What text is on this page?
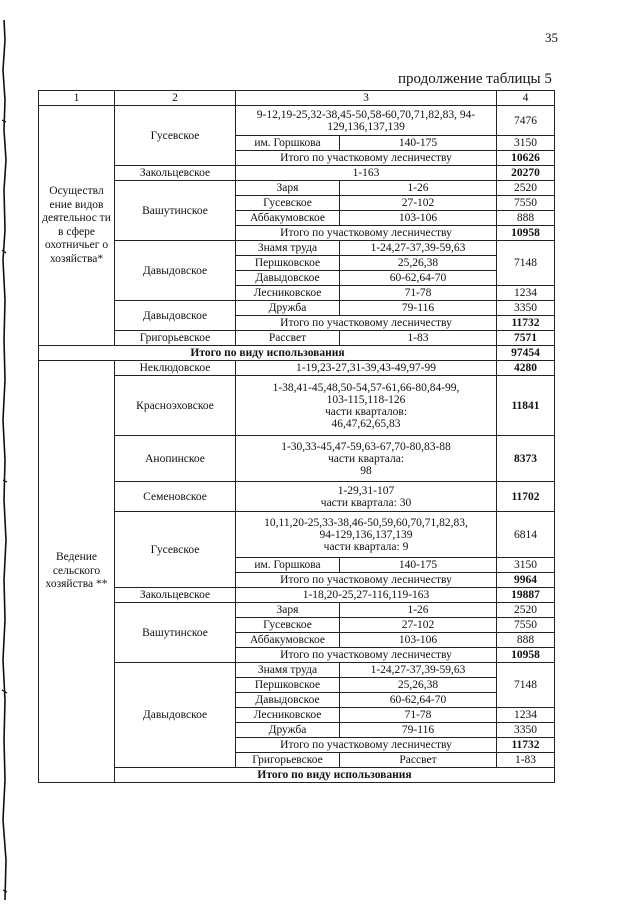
35
продолжение таблицы 5
1	2	3		4	
Осуществл ение видов деятельнос ти в сфере охотничьег о хозяйства*	Гусевское	9-12,19-25,32-38,45-50,58-60,70,71,82,83, 94-129,136,137,139		7476	
		им. Горшкова	140-175	3150	
		Итого по участковому лесничеству		10626	
	Закольцевское	1-163		20270	
	Вашутинское	Заря	1-26	2520	
		Гусевское	27-102	7550	
		Аббакумовское	103-106	888	
		Итого по участковому лесничеству		10958	
	Давыдовское	Знамя труда	1-24,27-37,39-59,63	7148	
		Першковское	25,26,38		
		Давыдовское	60-62,64-70		
		Лесниковское	71-78	1234	
	Давыдовское	Дружба	79-116	3350	
		Итого по участковому лесничеству		11732	
	Григорьевское	Рассвет	1-83	7571	
Итого по виду использования				97454	
Ведение сельского хозяйства **	Неклюдовское	1-19,23-27,31-39,43-49,97-99		4280	
	Красноэховское	1-38,41-45,48,50-54,57-61,66-80,84-99,
103-115,118-126
части кварталов:
46,47,62,65,83		11841	
	Анопинское	1-30,33-45,47-59,63-67,70-80,83-88
части квартала:
98		8373	
	Семеновское	1-29,31-107
части квартала: 30		11702	
	Гусевское	10,11,20-25,33-38,46-50,59,60,70,71,82,83,
94-129,136,137,139
части квартала: 9		6814	
		им. Горшкова	140-175	3150	
		Итого по участковому лесничеству		9964	
	Закольцевское	1-18,20-25,27-116,119-163		19887	
	Вашутинское	Заря	1-26	2520	
		Гусевское	27-102	7550	
		Аббакумовское	103-106	888	
		Итого по участковому лесничеству		10958	
	Давыдовское	Знамя труда	1-24,27-37,39-59,63	7148	
		Першковское	25,26,38		
		Давыдовское	60-62,64-70		
		Лесниковское	71-78	1234	
		Дружба	79-116	3350	
		Итого по участковому лесничеству		11732	
		Григорьевское	Рассвет	1-83	
	Итого по виду использования	
